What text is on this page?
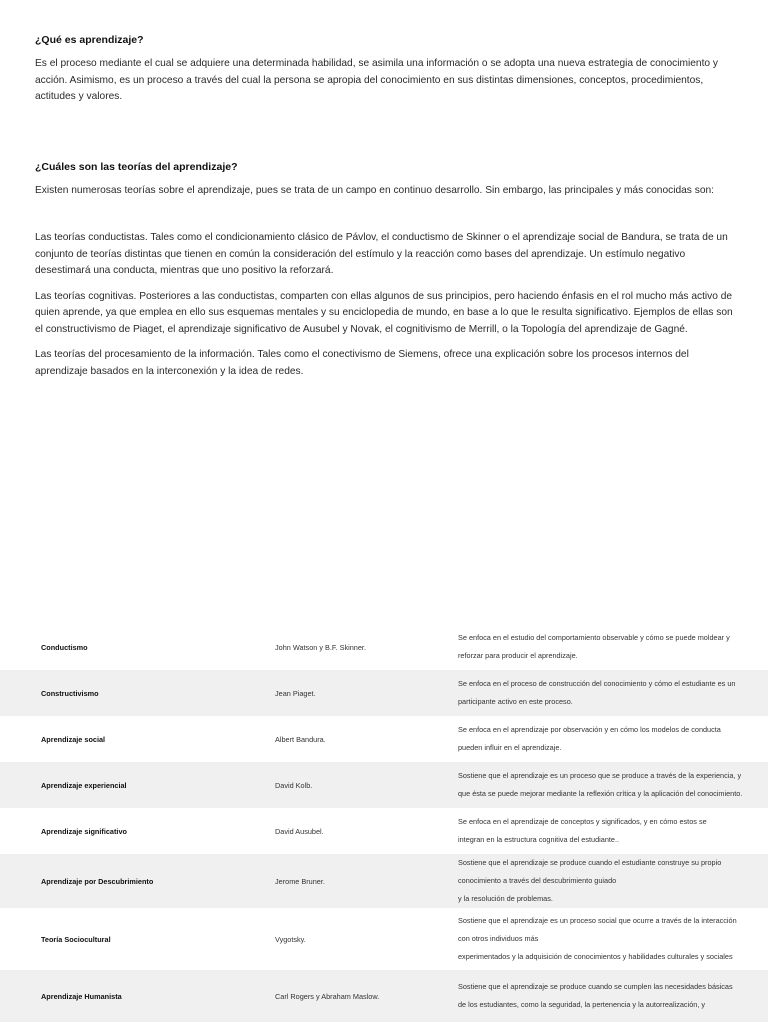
¿Qué es aprendizaje?
Es el proceso mediante el cual se adquiere una determinada habilidad, se asimila una información o se adopta una nueva estrategia de conocimiento y acción. Asimismo, es un proceso a través del cual la persona se apropia del conocimiento en sus distintas dimensiones, conceptos, procedimientos, actitudes y valores.
¿Cuáles son las teorías del aprendizaje?
Existen numerosas teorías sobre el aprendizaje, pues se trata de un campo en continuo desarrollo. Sin embargo, las principales y más conocidas son:
Las teorías conductistas. Tales como el condicionamiento clásico de Pávlov, el conductismo de Skinner o el aprendizaje social de Bandura, se trata de un conjunto de teorías distintas que tienen en común la consideración del estímulo y la reacción como bases del aprendizaje. Un estímulo negativo desestimará una conducta, mientras que uno positivo la reforzará.
Las teorías cognitivas. Posteriores a las conductistas, comparten con ellas algunos de sus principios, pero haciendo énfasis en el rol mucho más activo de quien aprende, ya que emplea en ello sus esquemas mentales y su enciclopedia de mundo, en base a lo que le resulta significativo. Ejemplos de ellas son el constructivismo de Piaget, el aprendizaje significativo de Ausubel y Novak, el cognitivismo de Merrill, o la Topología del aprendizaje de Gagné.
Las teorías del procesamiento de la información. Tales como el conectivismo de Siemens, ofrece una explicación sobre los procesos internos del aprendizaje basados en la interconexión y la idea de redes.
Conductismo	John Watson y B.F. Skinner.	Se enfoca en el estudio del comportamiento observable y cómo se puede moldear y
reforzar para producir el aprendizaje.

Constructivismo	Jean Piaget.	Se enfoca en el proceso de construcción del conocimiento y cómo el estudiante es un
participante activo en este proceso.

Aprendizaje social	Albert Bandura.	Se enfoca en el aprendizaje por observación y en cómo los modelos de conducta
pueden influir en el aprendizaje.

Aprendizaje experiencial	David Kolb.	Sostiene que el aprendizaje es un proceso que se produce a través de la experiencia, y
que ésta se puede mejorar mediante la reflexión crítica y la aplicación del conocimiento.

Aprendizaje significativo	David Ausubel.	Se enfoca en el aprendizaje de conceptos y significados, y en cómo estos se
integran en la estructura cognitiva del estudiante..

Aprendizaje por Descubrimiento	Jerome Bruner.	Sostiene que el aprendizaje se produce cuando el estudiante construye su propio
conocimiento a través del descubrimiento guiado
y la resolución de problemas.

Teoría Sociocultural	Vygotsky.	Sostiene que el aprendizaje es un proceso social que ocurre a través de la interacción
con otros individuos más
experimentados y la adquisición de conocimientos y habilidades culturales y sociales

Aprendizaje Humanista	Carl Rogers y Abraham Maslow.	Sostiene que el aprendizaje se produce cuando se cumplen las necesidades básicas
de los estudiantes, como la seguridad, la pertenencia y la autorrealización, y
